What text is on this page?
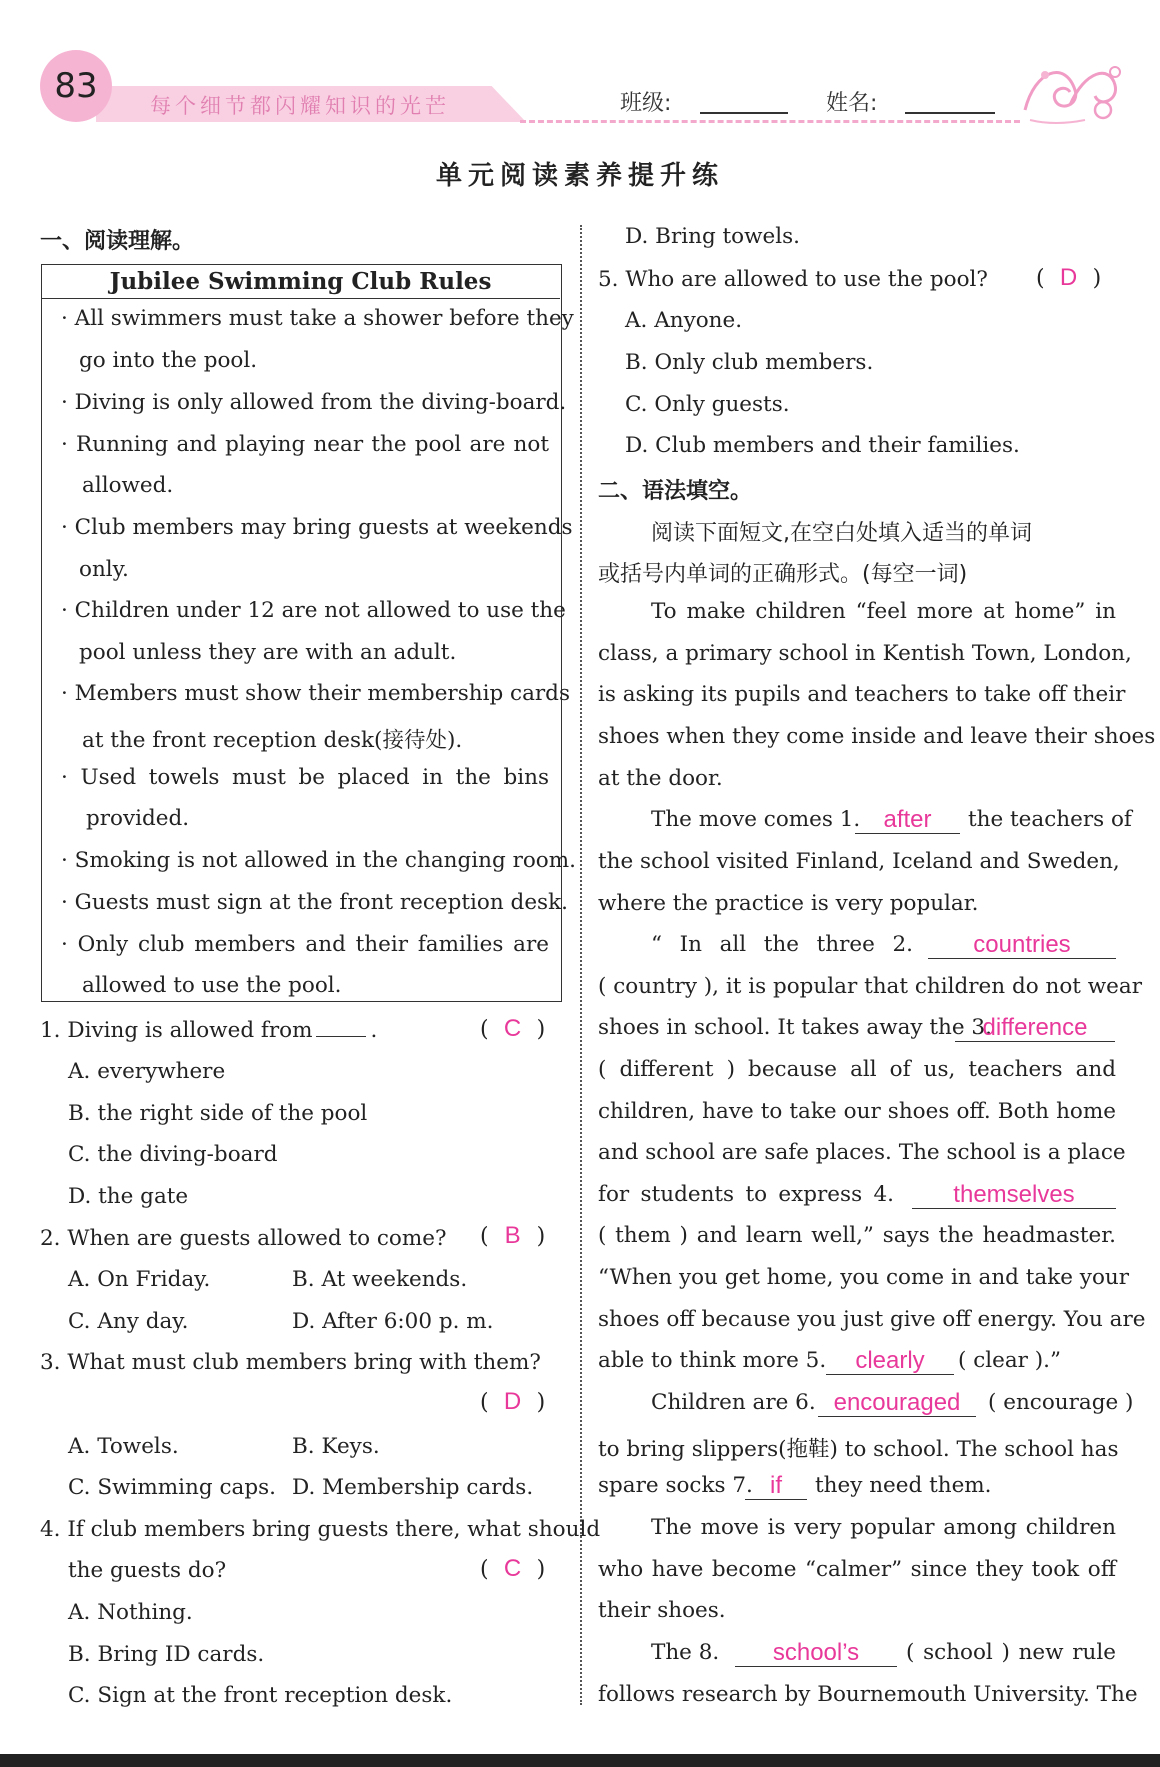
83	每个细节都闪耀知识的光芒	班级:	姓名:
单元阅读素养提升练
一、阅读理解。
Jubilee Swimming Club Rules
· All swimmers must take a shower before they
go into the pool.
· Diving is only allowed from the diving-board.
· Running and playing near the pool are not
allowed.
· Club members may bring guests at weekends
only.
· Children under 12 are not allowed to use the
pool unless they are with an adult.
· Members must show their membership cards
at the front reception desk(接待处).
· Used towels must be placed in the bins
provided.
· Smoking is not allowed in the changing room.
· Guests must sign at the front reception desk.
· Only club members and their families are
allowed to use the pool.
1. Diving is allowed from	.	( C )
A. everywhere
B. the right side of the pool
C. the diving-board
D. the gate
2. When are guests allowed to come? ( B )
A. On Friday.	B. At weekends.
C. Any day.	D. After 6:00 p. m.
3. What must club members bring with them?
( D )
A. Towels.	B. Keys.
C. Swimming caps. D. Membership cards.
4. If club members bring guests there, what should
the guests do?	( C )
A. Nothing.
B. Bring ID cards.
C. Sign at the front reception desk.
D. Bring towels.
5. Who are allowed to use the pool? ( D )
A. Anyone.
B. Only club members.
C. Only guests.
D. Club members and their families.
二、语法填空。
阅读下面短文,在空白处填入适当的单词
或括号内单词的正确形式。(每空一词)
To make children “feel more at home” in
class, a primary school in Kentish Town, London,
is asking its pupils and teachers to take off their
shoes when they come inside and leave their shoes
at the door.
The move comes 1. after	the teachers of
the school visited Finland, Iceland and Sweden,
where the practice is very popular.
“ In all the three 2.	countries
( country ), it is popular that children do not wear
shoes in school. It takes away the 3.
difference
( different ) because all of us, teachers and
children, have to take our shoes off. Both home
and school are safe places. The school is a place
for students to express 4.	themselves
( them ) and learn well,” says the headmaster.
“When you get home, you come in and take your
shoes off because you just give off energy. You are
able to think more 5.	clearly	( clear ).”
Children are 6. encouraged	( encourage )
to bring slippers(拖鞋) to school. The school has
spare socks 7. if	they need them.
The move is very popular among children
who have become “calmer” since they took off
their shoes.
The 8.	school’s	( school ) new rule
follows research by Bournemouth University. The
